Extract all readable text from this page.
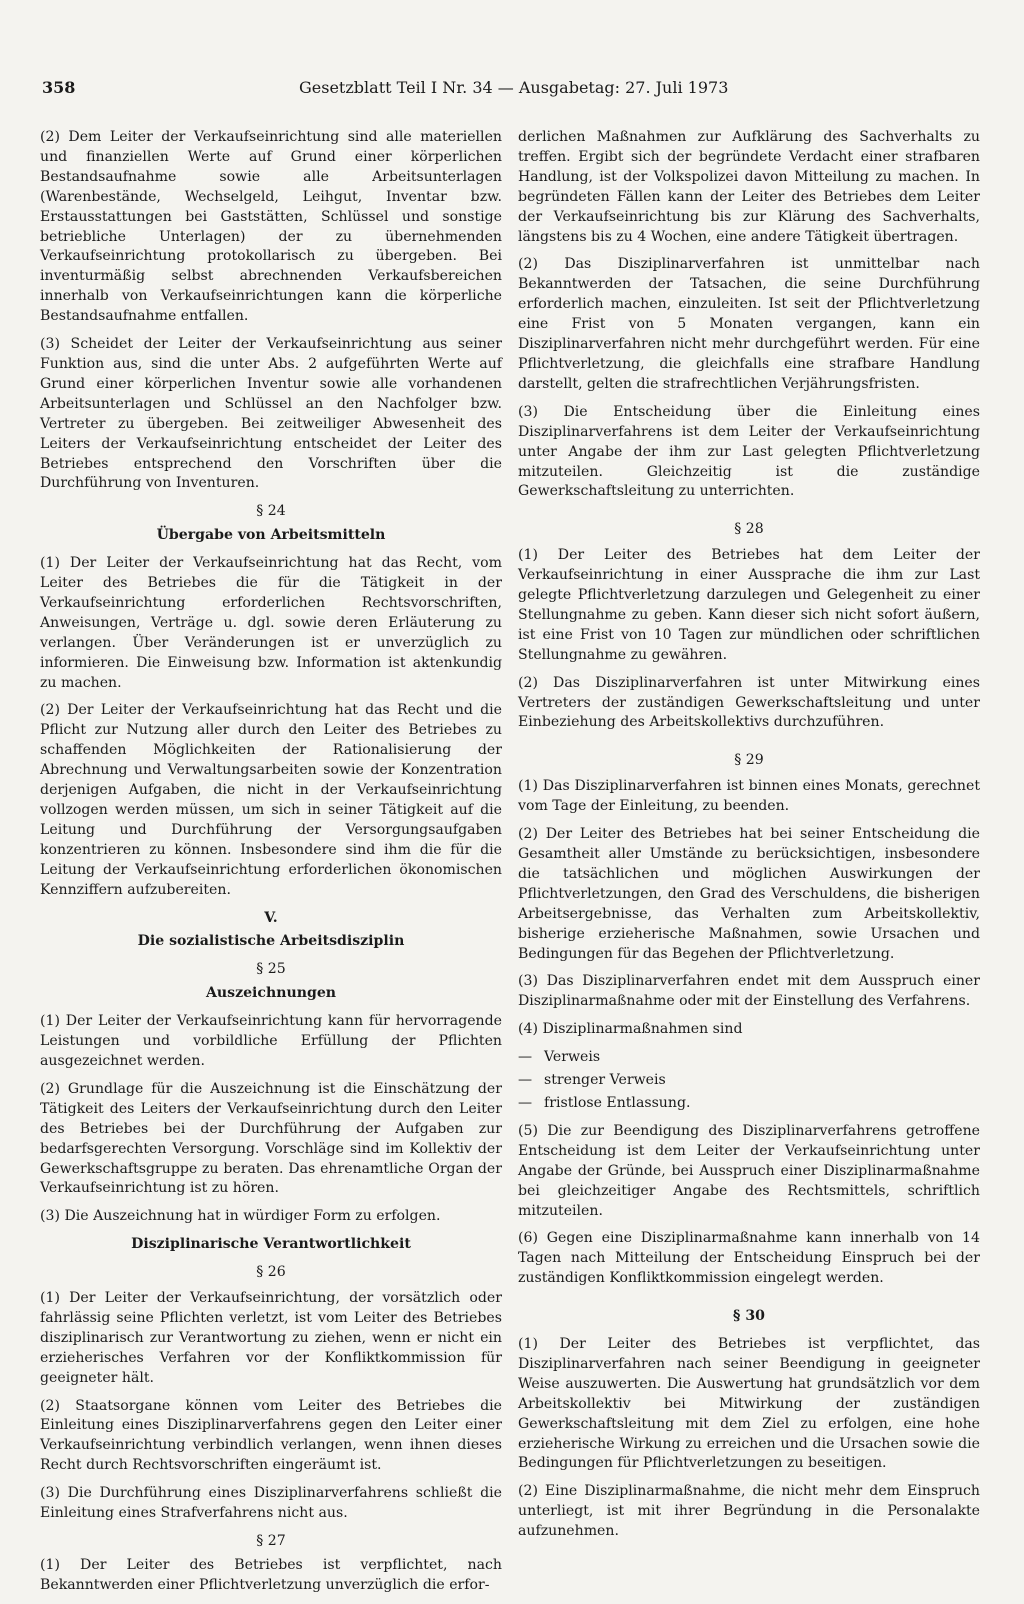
358	Gesetzblatt Teil I Nr. 34 — Ausgabetag: 27. Juli 1973

(2) Dem Leiter der Verkaufseinrichtung sind alle materiellen und finanziellen Werte auf Grund einer körperlichen Bestandsaufnahme sowie alle Arbeitsunterlagen (Warenbestände, Wechselgeld, Leihgut, Inventar bzw. Erstausstattungen bei Gaststätten, Schlüssel und sonstige betriebliche Unterlagen) der zu übernehmenden Verkaufseinrichtung protokollarisch zu übergeben. Bei inventurmäßig selbst abrechnenden Verkaufsbereichen innerhalb von Verkaufseinrichtungen kann die körperliche Bestandsaufnahme entfallen.

(3) Scheidet der Leiter der Verkaufseinrichtung aus seiner Funktion aus, sind die unter Abs. 2 aufgeführten Werte auf Grund einer körperlichen Inventur sowie alle vorhandenen Arbeitsunterlagen und Schlüssel an den Nachfolger bzw. Vertreter zu übergeben. Bei zeitweiliger Abwesenheit des Leiters der Verkaufseinrichtung entscheidet der Leiter des Betriebes entsprechend den Vorschriften über die Durchführung von Inventuren.

§ 24
Übergabe von Arbeitsmitteln

(1) Der Leiter der Verkaufseinrichtung hat das Recht, vom Leiter des Betriebes die für die Tätigkeit in der Verkaufseinrichtung erforderlichen Rechtsvorschriften, Anweisungen, Verträge u. dgl. sowie deren Erläuterung zu verlangen. Über Veränderungen ist er unverzüglich zu informieren. Die Einweisung bzw. Information ist aktenkundig zu machen.

(2) Der Leiter der Verkaufseinrichtung hat das Recht und die Pflicht zur Nutzung aller durch den Leiter des Betriebes zu schaffenden Möglichkeiten der Rationalisierung der Abrechnung und Verwaltungsarbeiten sowie der Konzentration derjenigen Aufgaben, die nicht in der Verkaufseinrichtung vollzogen werden müssen, um sich in seiner Tätigkeit auf die Leitung und Durchführung der Versorgungsaufgaben konzentrieren zu können. Insbesondere sind ihm die für die Leitung der Verkaufseinrichtung erforderlichen ökonomischen Kennziffern aufzubereiten.

V.
Die sozialistische Arbeitsdisziplin
§ 25
Auszeichnungen

(1) Der Leiter der Verkaufseinrichtung kann für hervorragende Leistungen und vorbildliche Erfüllung der Pflichten ausgezeichnet werden.

(2) Grundlage für die Auszeichnung ist die Einschätzung der Tätigkeit des Leiters der Verkaufseinrichtung durch den Leiter des Betriebes bei der Durchführung der Aufgaben zur bedarfsgerechten Versorgung. Vorschläge sind im Kollektiv der Gewerkschaftsgruppe zu beraten. Das ehrenamtliche Organ der Verkaufseinrichtung ist zu hören.

(3) Die Auszeichnung hat in würdiger Form zu erfolgen.

Disziplinarische Verantwortlichkeit
§ 26

(1) Der Leiter der Verkaufseinrichtung, der vorsätzlich oder fahrlässig seine Pflichten verletzt, ist vom Leiter des Betriebes disziplinarisch zur Verantwortung zu ziehen, wenn er nicht ein erzieherisches Verfahren vor der Konfliktkommission für geeigneter hält.

(2) Staatsorgane können vom Leiter des Betriebes die Einleitung eines Disziplinarverfahrens gegen den Leiter einer Verkaufseinrichtung verbindlich verlangen, wenn ihnen dieses Recht durch Rechtsvorschriften eingeräumt ist.

(3) Die Durchführung eines Disziplinarverfahrens schließt die Einleitung eines Strafverfahrens nicht aus.

§ 27

(1) Der Leiter des Betriebes ist verpflichtet, nach Bekanntwerden einer Pflichtverletzung unverzüglich die erfor-

derlichen Maßnahmen zur Aufklärung des Sachverhalts zu treffen. Ergibt sich der begründete Verdacht einer strafbaren Handlung, ist der Volkspolizei davon Mitteilung zu machen. In begründeten Fällen kann der Leiter des Betriebes dem Leiter der Verkaufseinrichtung bis zur Klärung des Sachverhalts, längstens bis zu 4 Wochen, eine andere Tätigkeit übertragen.

(2) Das Disziplinarverfahren ist unmittelbar nach Bekanntwerden der Tatsachen, die seine Durchführung erforderlich machen, einzuleiten. Ist seit der Pflichtverletzung eine Frist von 5 Monaten vergangen, kann ein Disziplinarverfahren nicht mehr durchgeführt werden. Für eine Pflichtverletzung, die gleichfalls eine strafbare Handlung darstellt, gelten die strafrechtlichen Verjährungsfristen.

(3) Die Entscheidung über die Einleitung eines Disziplinarverfahrens ist dem Leiter der Verkaufseinrichtung unter Angabe der ihm zur Last gelegten Pflichtverletzung mitzuteilen. Gleichzeitig ist die zuständige Gewerkschaftsleitung zu unterrichten.

§ 28

(1) Der Leiter des Betriebes hat dem Leiter der Verkaufseinrichtung in einer Aussprache die ihm zur Last gelegte Pflichtverletzung darzulegen und Gelegenheit zu einer Stellungnahme zu geben. Kann dieser sich nicht sofort äußern, ist eine Frist von 10 Tagen zur mündlichen oder schriftlichen Stellungnahme zu gewähren.

(2) Das Disziplinarverfahren ist unter Mitwirkung eines Vertreters der zuständigen Gewerkschaftsleitung und unter Einbeziehung des Arbeitskollektivs durchzuführen.

§ 29

(1) Das Disziplinarverfahren ist binnen eines Monats, gerechnet vom Tage der Einleitung, zu beenden.

(2) Der Leiter des Betriebes hat bei seiner Entscheidung die Gesamtheit aller Umstände zu berücksichtigen, insbesondere die tatsächlichen und möglichen Auswirkungen der Pflichtverletzungen, den Grad des Verschuldens, die bisherigen Arbeitsergebnisse, das Verhalten zum Arbeitskollektiv, bisherige erzieherische Maßnahmen, sowie Ursachen und Bedingungen für das Begehen der Pflichtverletzung.

(3) Das Disziplinarverfahren endet mit dem Ausspruch einer Disziplinarmaßnahme oder mit der Einstellung des Verfahrens.

(4) Disziplinarmaßnahmen sind

— Verweis
— strenger Verweis
— fristlose Entlassung.

(5) Die zur Beendigung des Disziplinarverfahrens getroffene Entscheidung ist dem Leiter der Verkaufseinrichtung unter Angabe der Gründe, bei Ausspruch einer Disziplinarmaßnahme bei gleichzeitiger Angabe des Rechtsmittels, schriftlich mitzuteilen.

(6) Gegen eine Disziplinarmaßnahme kann innerhalb von 14 Tagen nach Mitteilung der Entscheidung Einspruch bei der zuständigen Konfliktkommission eingelegt werden.

§ 30

(1) Der Leiter des Betriebes ist verpflichtet, das Disziplinarverfahren nach seiner Beendigung in geeigneter Weise auszuwerten. Die Auswertung hat grundsätzlich vor dem Arbeitskollektiv bei Mitwirkung der zuständigen Gewerkschaftsleitung mit dem Ziel zu erfolgen, eine hohe erzieherische Wirkung zu erreichen und die Ursachen sowie die Bedingungen für Pflichtverletzungen zu beseitigen.

(2) Eine Disziplinarmaßnahme, die nicht mehr dem Einspruch unterliegt, ist mit ihrer Begründung in die Personalakte aufzunehmen.
